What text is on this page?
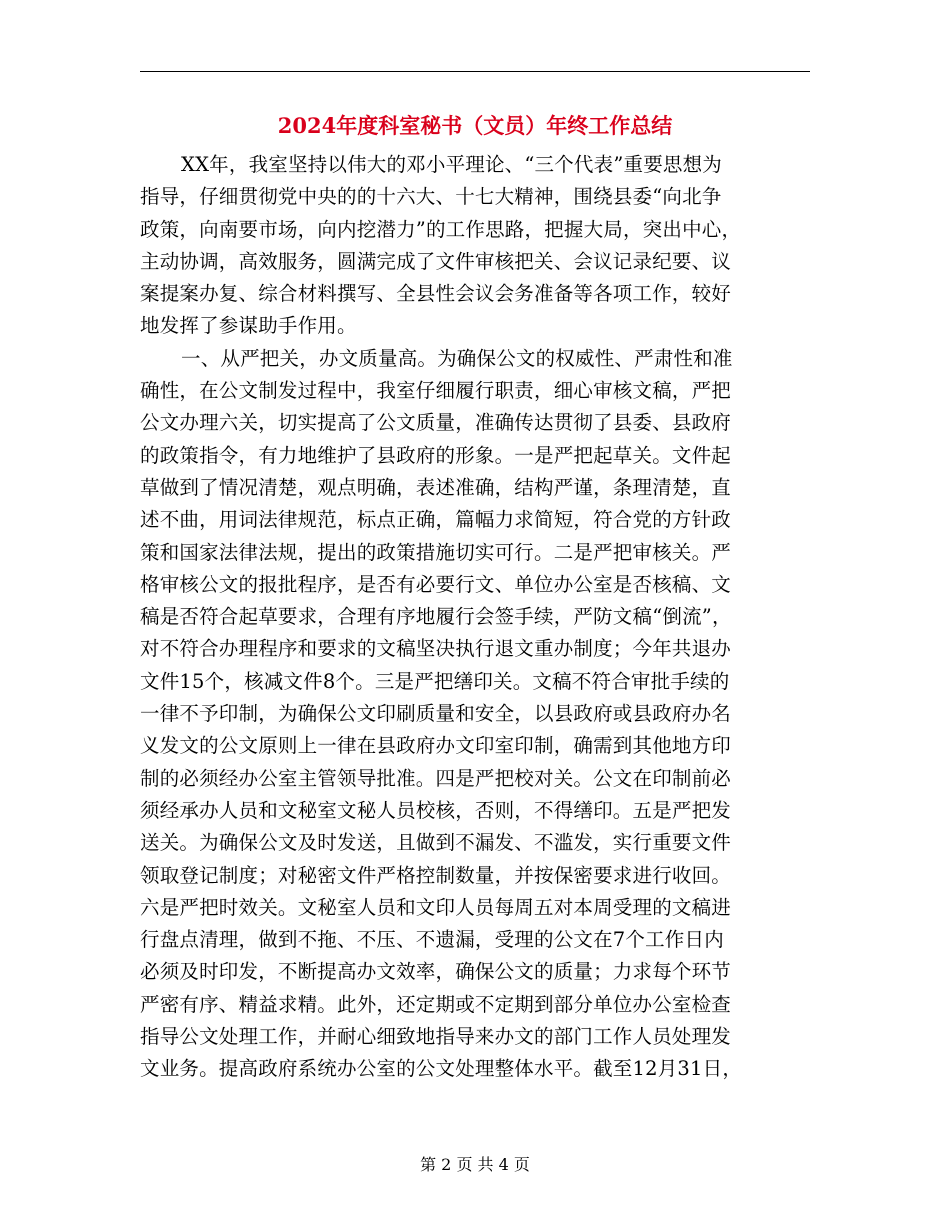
2024年度科室秘书（文员）年终工作总结
XX年，我室坚持以伟大的邓小平理论、“三个代表”重要思想为
指导，仔细贯彻党中央的的十六大、十七大精神，围绕县委“向北争
政策，向南要市场，向内挖潜力”的工作思路，把握大局，突出中心，
主动协调，高效服务，圆满完成了文件审核把关、会议记录纪要、议
案提案办复、综合材料撰写、全县性会议会务准备等各项工作，较好
地发挥了参谋助手作用。
一、从严把关，办文质量高。为确保公文的权威性、严肃性和准
确性，在公文制发过程中，我室仔细履行职责，细心审核文稿，严把
公文办理六关，切实提高了公文质量，准确传达贯彻了县委、县政府
的政策指令，有力地维护了县政府的形象。一是严把起草关。文件起
草做到了情况清楚，观点明确，表述准确，结构严谨，条理清楚，直
述不曲，用词法律规范，标点正确，篇幅力求简短，符合党的方针政
策和国家法律法规，提出的政策措施切实可行。二是严把审核关。严
格审核公文的报批程序，是否有必要行文、单位办公室是否核稿、文
稿是否符合起草要求，合理有序地履行会签手续，严防文稿“倒流”，
对不符合办理程序和要求的文稿坚决执行退文重办制度；今年共退办
文件15个，核减文件8个。三是严把缮印关。文稿不符合审批手续的
一律不予印制，为确保公文印刷质量和安全，以县政府或县政府办名
义发文的公文原则上一律在县政府办文印室印制，确需到其他地方印
制的必须经办公室主管领导批准。四是严把校对关。公文在印制前必
须经承办人员和文秘室文秘人员校核，否则，不得缮印。五是严把发
送关。为确保公文及时发送，且做到不漏发、不滥发，实行重要文件
领取登记制度；对秘密文件严格控制数量，并按保密要求进行收回。
六是严把时效关。文秘室人员和文印人员每周五对本周受理的文稿进
行盘点清理，做到不拖、不压、不遗漏，受理的公文在7个工作日内
必须及时印发，不断提高办文效率，确保公文的质量；力求每个环节
严密有序、精益求精。此外，还定期或不定期到部分单位办公室检查
指导公文处理工作，并耐心细致地指导来办文的部门工作人员处理发
文业务。提高政府系统办公室的公文处理整体水平。截至12月31日，
第 2 页 共 4 页
